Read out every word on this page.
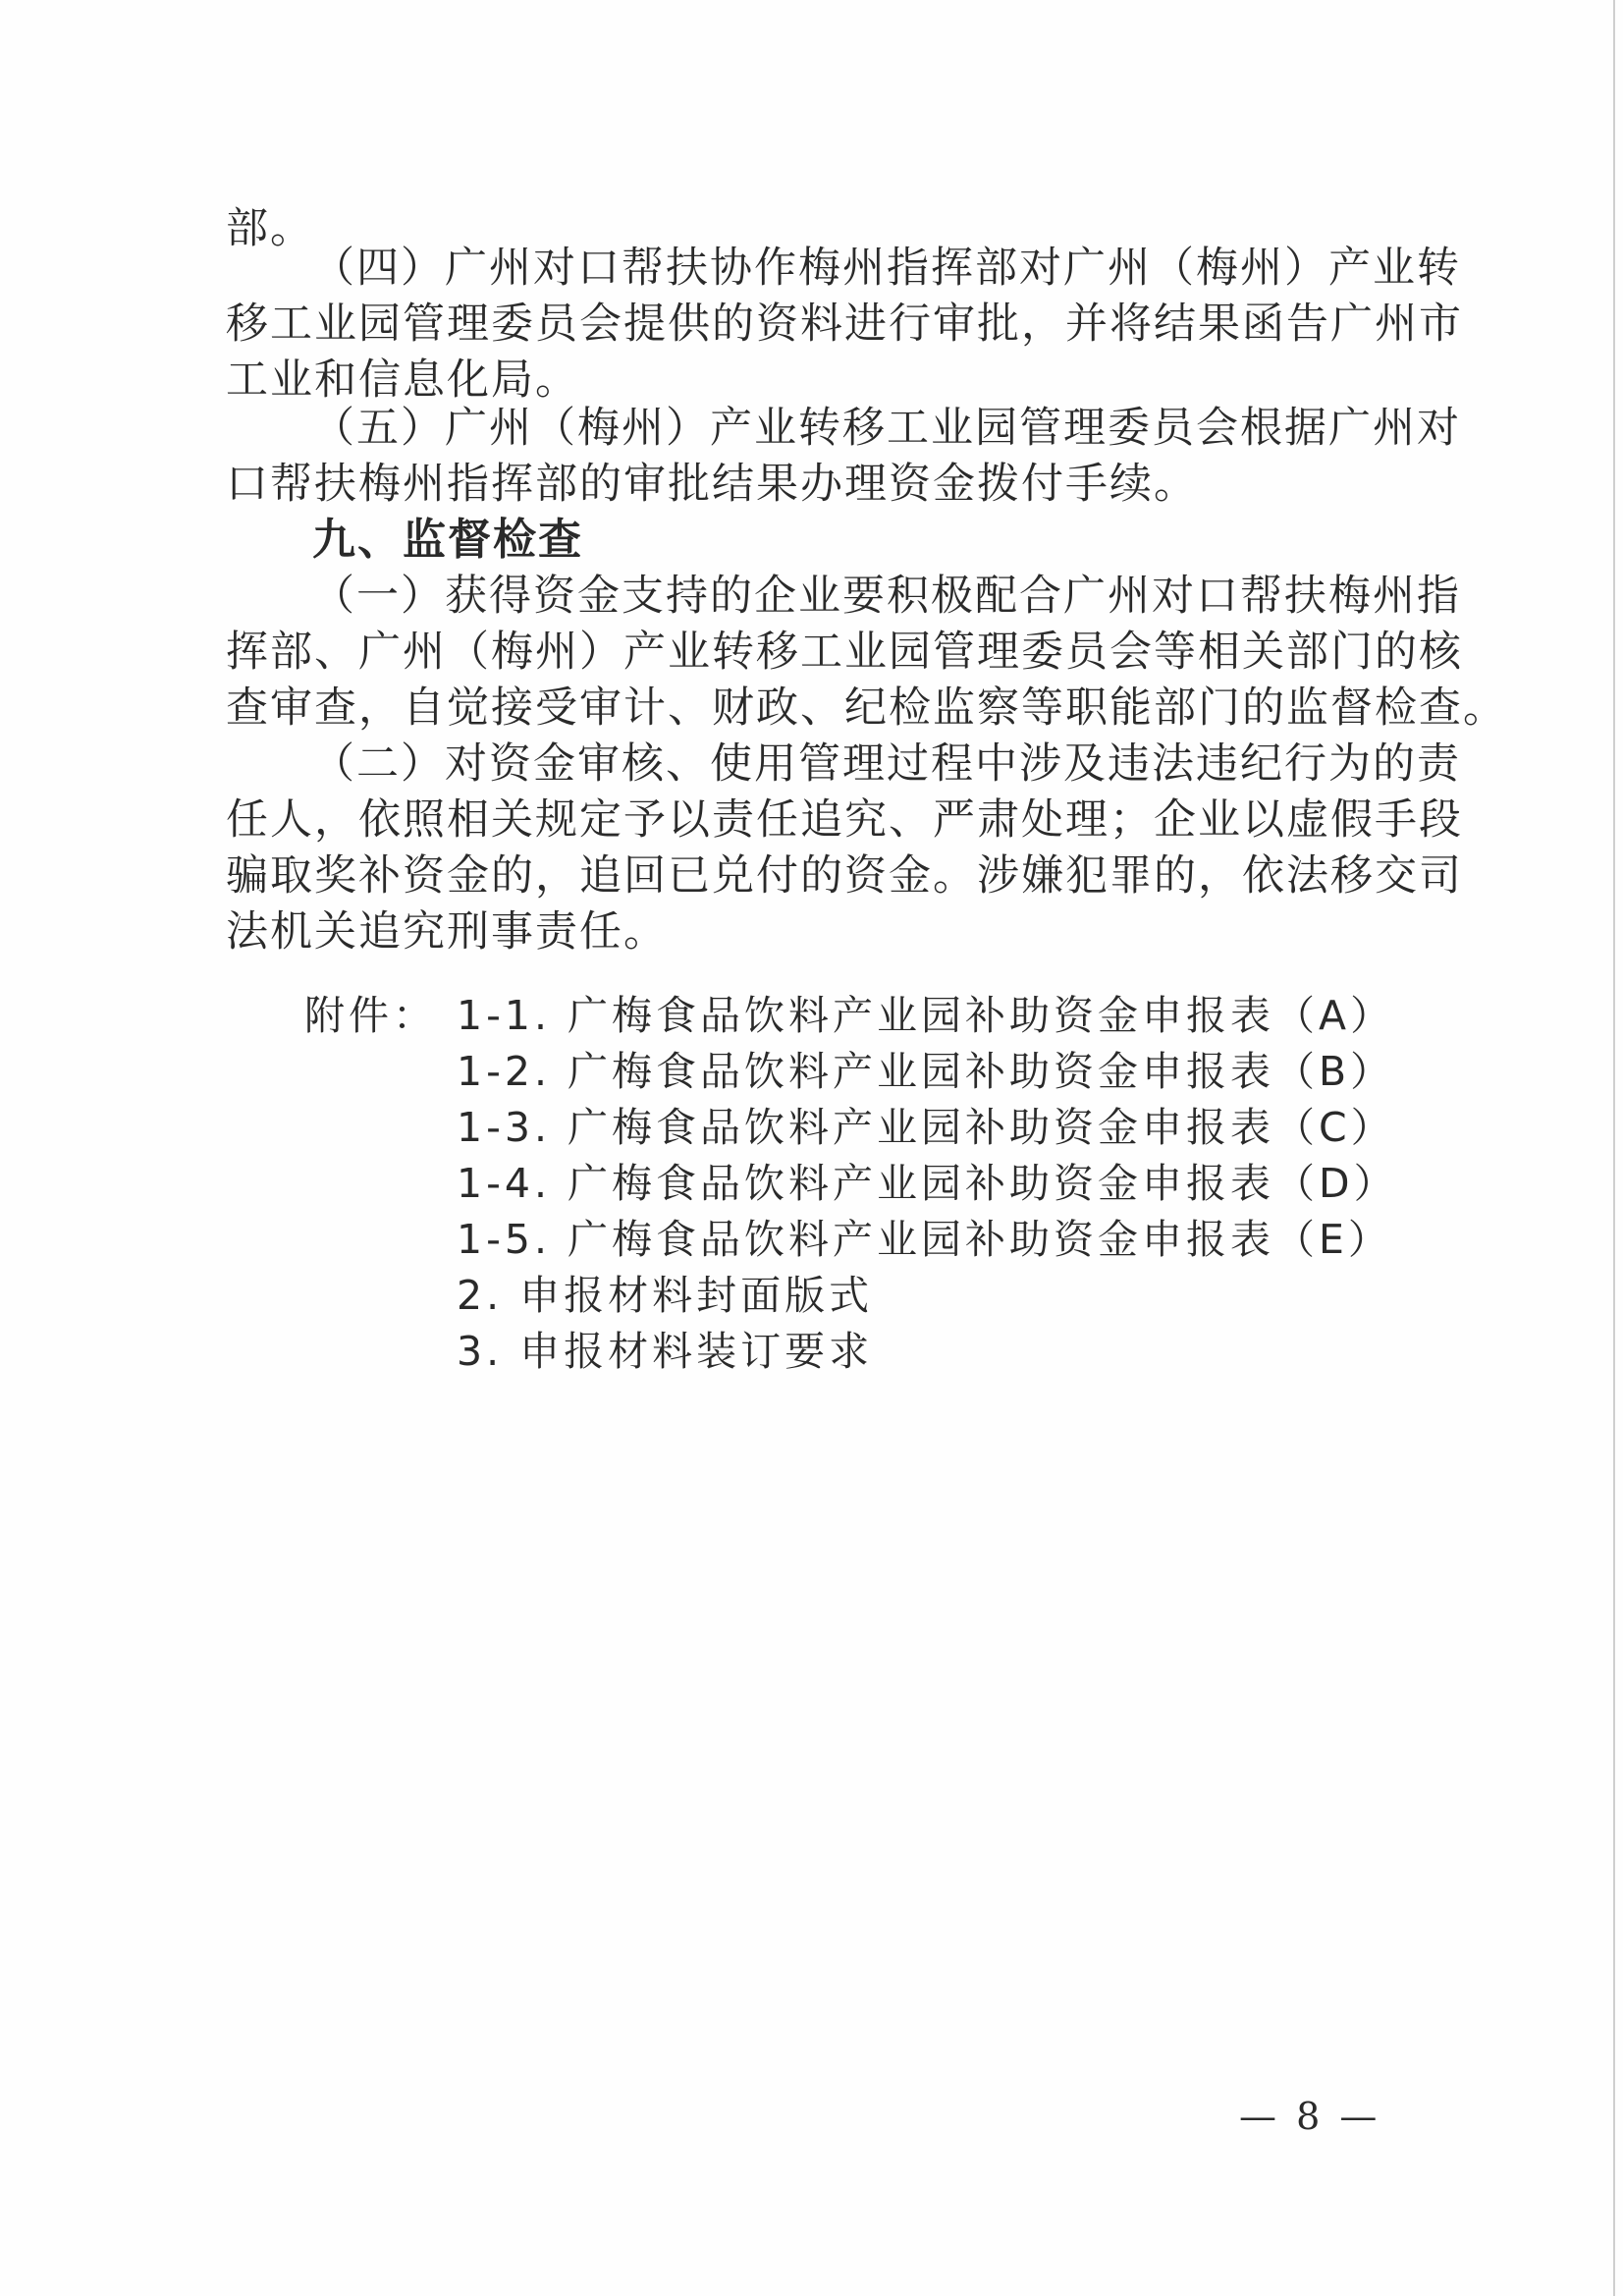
部。
（四）广州对口帮扶协作梅州指挥部对广州（梅州）产业转
移工业园管理委员会提供的资料进行审批，并将结果函告广州市
工业和信息化局。
（五）广州（梅州）产业转移工业园管理委员会根据广州对
口帮扶梅州指挥部的审批结果办理资金拨付手续。
九、监督检查
（一）获得资金支持的企业要积极配合广州对口帮扶梅州指
挥部、广州（梅州）产业转移工业园管理委员会等相关部门的核
查审查，自觉接受审计、财政、纪检监察等职能部门的监督检查。
（二）对资金审核、使用管理过程中涉及违法违纪行为的责
任人，依照相关规定予以责任追究、严肃处理；企业以虚假手段
骗取奖补资金的，追回已兑付的资金。涉嫌犯罪的，依法移交司
法机关追究刑事责任。
附件： 1-1. 广梅食品饮料产业园补助资金申报表（A）
1-2. 广梅食品饮料产业园补助资金申报表（B）
1-3. 广梅食品饮料产业园补助资金申报表（C）
1-4. 广梅食品饮料产业园补助资金申报表（D）
1-5. 广梅食品饮料产业园补助资金申报表（E）
2. 申报材料封面版式
3. 申报材料装订要求
— 8 —
